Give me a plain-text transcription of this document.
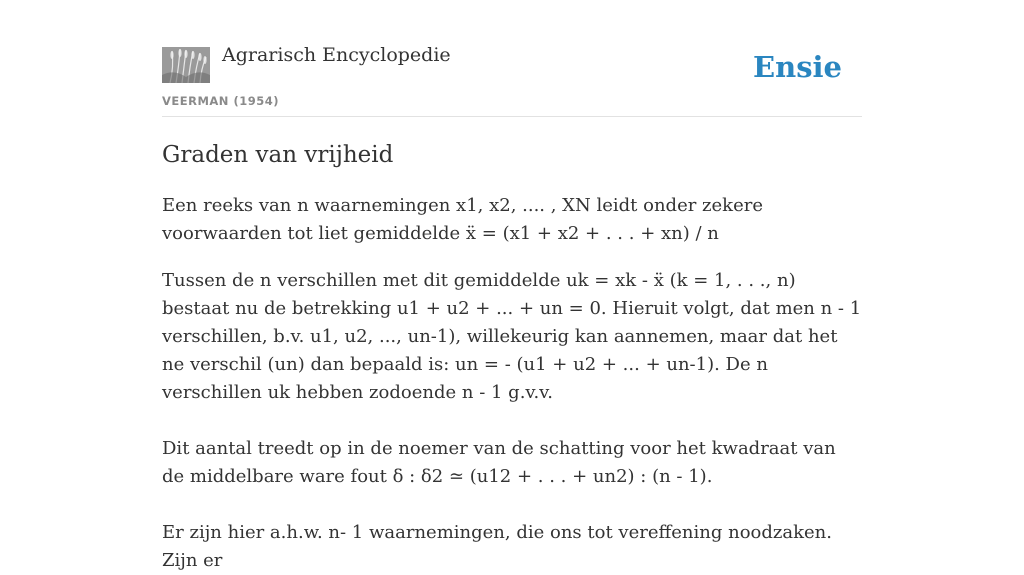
Agrarisch Encyclopedie
VEERMAN (1954)
Ensie
Graden van vrijheid

Een reeks van n waarnemingen x1, x2, .... , XN leidt onder zekere voorwaarden tot liet gemiddelde ẍ = (x1 + x2 + . . . + xn) / n

Tussen de n verschillen met dit gemiddelde uk = xk - ẍ (k = 1, . . ., n) bestaat nu de betrekking u1 + u2 + ... + un = 0. Hieruit volgt, dat men n - 1 verschillen, b.v. u1, u2, ..., un-1), willekeurig kan aannemen, maar dat het ne verschil (un) dan bepaald is: un = - (u1 + u2 + ... + un-1). De n verschillen uk hebben zodoende n - 1 g.v.v.

Dit aantal treedt op in de noemer van de schatting voor het kwadraat van de middelbare ware fout δ : δ2 ≃ (u12 + . . . + un2) : (n - 1).

Er zijn hier a.h.w. n- 1 waarnemingen, die ons tot vereffening noodzaken. Zijn er
